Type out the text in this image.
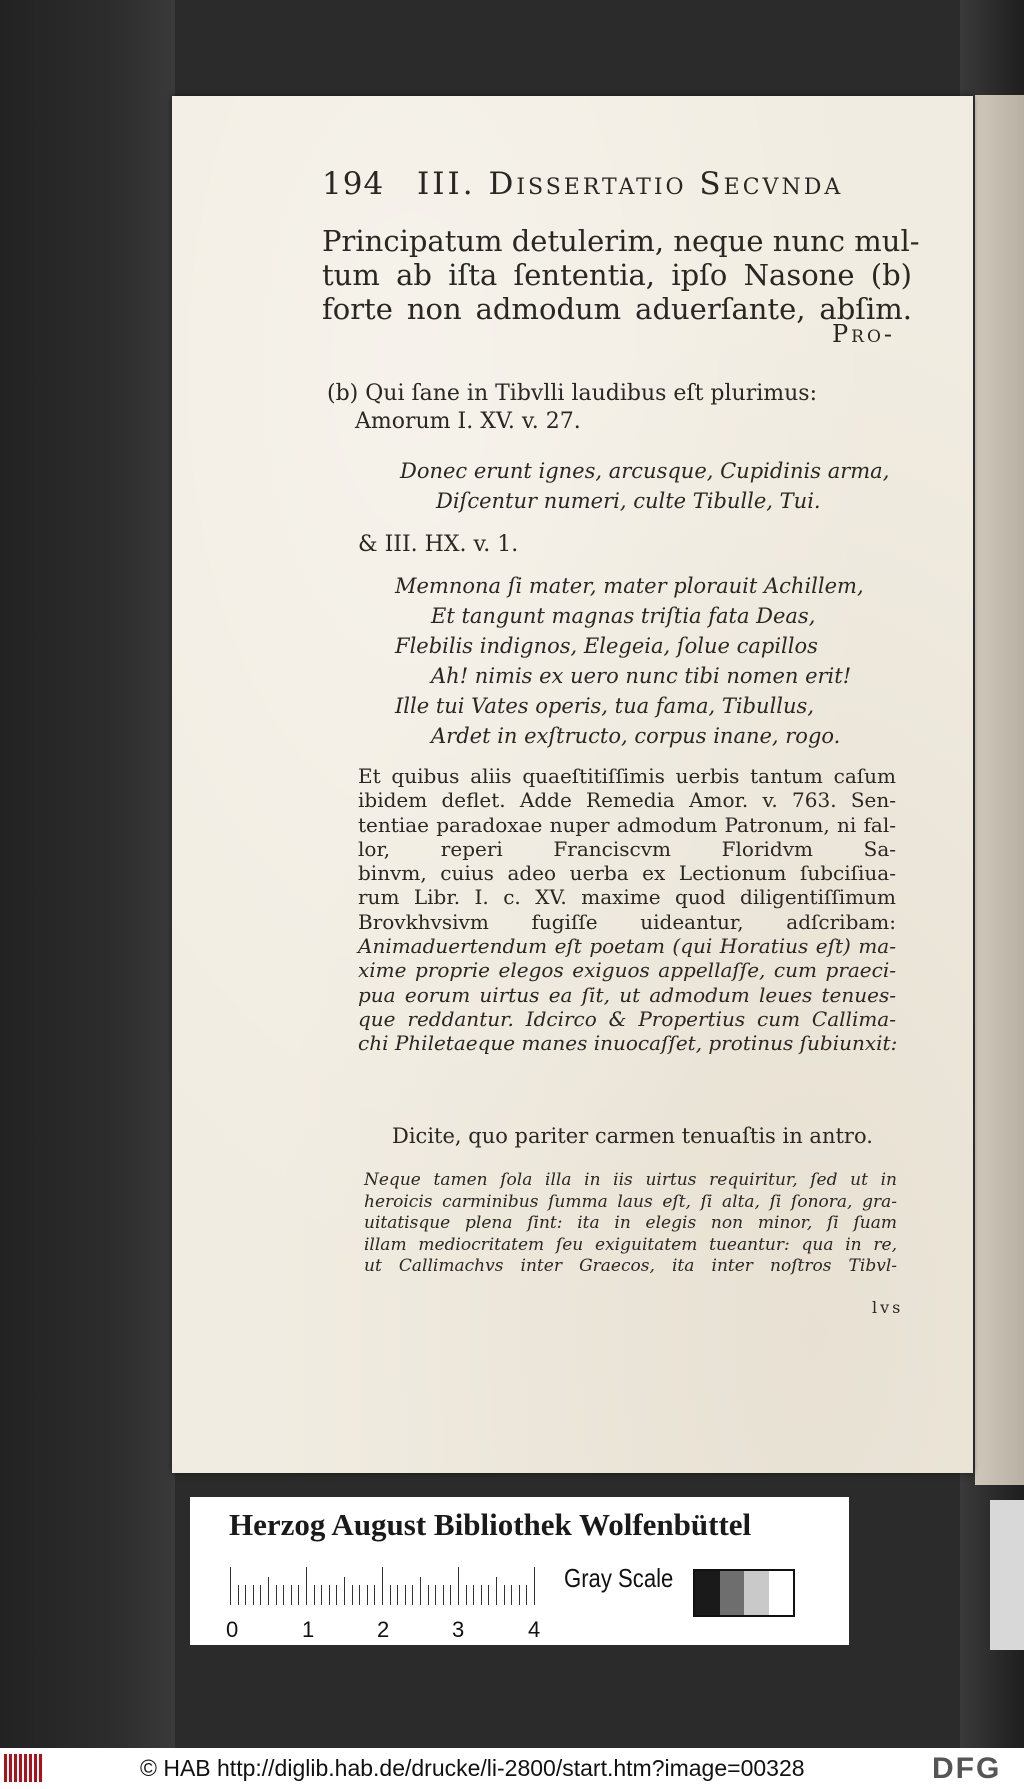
194 III. Dissertatio Secvnda
Principatum detulerim, neque nunc mul-
tum ab iſta ſententia, ipſo Nasone (b)
forte non admodum aduerſante, abſim.
Pro-
(b) Qui ſane in Tibvlli laudibus eſt plurimus:
Amorum I. XV. v. 27.
Donec erunt ignes, arcusque, Cupidinis arma,
Diſcentur numeri, culte Tibulle, Tui.
& III. HX. v. 1.
Memnona ſi mater, mater plorauit Achillem,
Et tangunt magnas triſtia fata Deas,
Flebilis indignos, Elegeia, ſolue capillos
Ah! nimis ex uero nunc tibi nomen erit!
Ille tui Vates operis, tua fama, Tibullus,
Ardet in exſtructo, corpus inane, rogo.
Et quibus aliis quaeſtitiſſimis uerbis tantum caſum
ibidem deflet. Adde Remedia Amor. v. 763. Sen-
tentiae paradoxae nuper admodum Patronum, ni fal-
lor, reperi Franciscvm Floridvm Sa-
binvm, cuius adeo uerba ex Lectionum ſubciſiua-
rum Libr. I. c. XV. maxime quod diligentiſſimum
Brovkhvsivm fugiſſe uideantur, adſcribam:
Animaduertendum eſt poetam (qui Horatius eſt) ma-
xime proprie elegos exiguos appellaſſe, cum praeci-
pua eorum uirtus ea ſit, ut admodum leues tenues-
que reddantur. Idcirco & Propertius cum Callima-
chi Philetaeque manes inuocaſſet, protinus ſubiunxit:
Dicite, quo pariter carmen tenuaſtis in antro.
Neque tamen ſola illa in iis uirtus requiritur, ſed ut in
heroicis carminibus ſumma laus eſt, ſi alta, ſi ſonora, gra-
uitatisque plena ſint: ita in elegis non minor, ſi ſuam
illam mediocritatem ſeu exiguitatem tueantur: qua in re,
ut Callimachvs inter Graecos, ita inter noſtros Tibvl-
lvs
Herzog August Bibliothek Wolfenbüttel
0	1	2	3	4
Gray Scale
© HAB http://diglib.hab.de/drucke/li-2800/start.htm?image=00328	DFG
